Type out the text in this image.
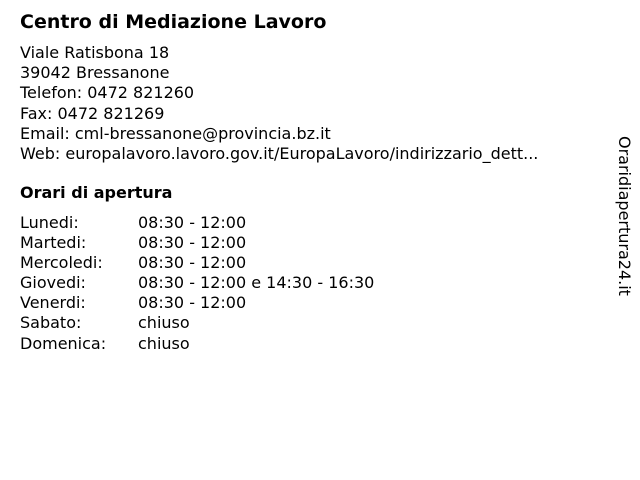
Centro di Mediazione Lavoro
Viale Ratisbona 18
39042 Bressanone
Telefon: 0472 821260
Fax: 0472 821269
Email: cml-bressanone@provincia.bz.it
Web: europalavoro.lavoro.gov.it/EuropaLavoro/indirizzario_dett...
Orari di apertura
Lunedi:	08:30 - 12:00
Martedi:	08:30 - 12:00
Mercoledi:	08:30 - 12:00
Giovedi:	08:30 - 12:00 e 14:30 - 16:30
Venerdi:	08:30 - 12:00
Sabato:	chiuso
Domenica:	chiuso
Oraridiapertura24.it
